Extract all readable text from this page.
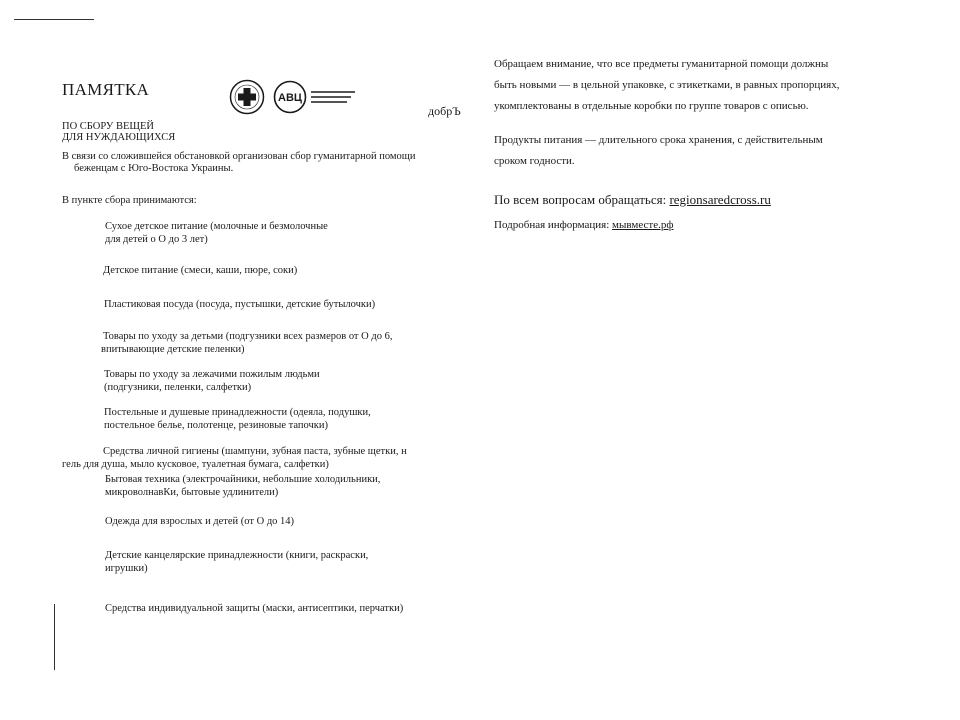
ПАМЯТКА	АВЦ
добрЪ
ПО СБОРУ ВЕЩЕЙ
ДЛЯ НУЖДАЮЩИХСЯ
В связи со сложившейся обстановкой организован сбор гуманитарной помощи
беженцам с Юго-Востока Украины.
В пункте сбора принимаются:
Сухое детское питание (молочные и безмолочные
для детей о О до 3 лет)
Детское питание (смеси, каши, пюре, соки)
Пластиковая посуда (посуда, пустышки, детские бутылочки)
Товары по уходу за детьми (подгузники всех размеров от О до 6,
впитывающие детские пеленки)
Товары по уходу за лежачими пожилым людьми
(подгузники, пеленки, салфетки)
Постельные и душевые принадлежности (одеяла, подушки,
постельное белье, полотенце, резиновые тапочки)
Средства личной гигиены (шампуни, зубная паста, зубные щетки, н
гель для душа, мыло кусковое, туалетная бумага, салфетки)
Бытовая техника (электрочайники, небольшие холодильники,
микроволнавКи, бытовые удлинители)
Одежда для взрослых и детей (от О до 14)
Детские канцелярские принадлежности (книги, раскраски,
игрушки)
Средства индивидуальной защиты (маски, антисептики, перчатки)
Обращаем внимание, что все предметы гуманитарной помощи должны
быть новыми — в цельной упаковке, с этикетками, в равных пропорциях,
укомплектованы в отдельные коробки по группе товаров с описью.
Продукты питания — длительного срока хранения, с действительным
сроком годности.
По всем вопросам обращаться: regionsaredcross.ru
Подробная информация: мывместе.рф
